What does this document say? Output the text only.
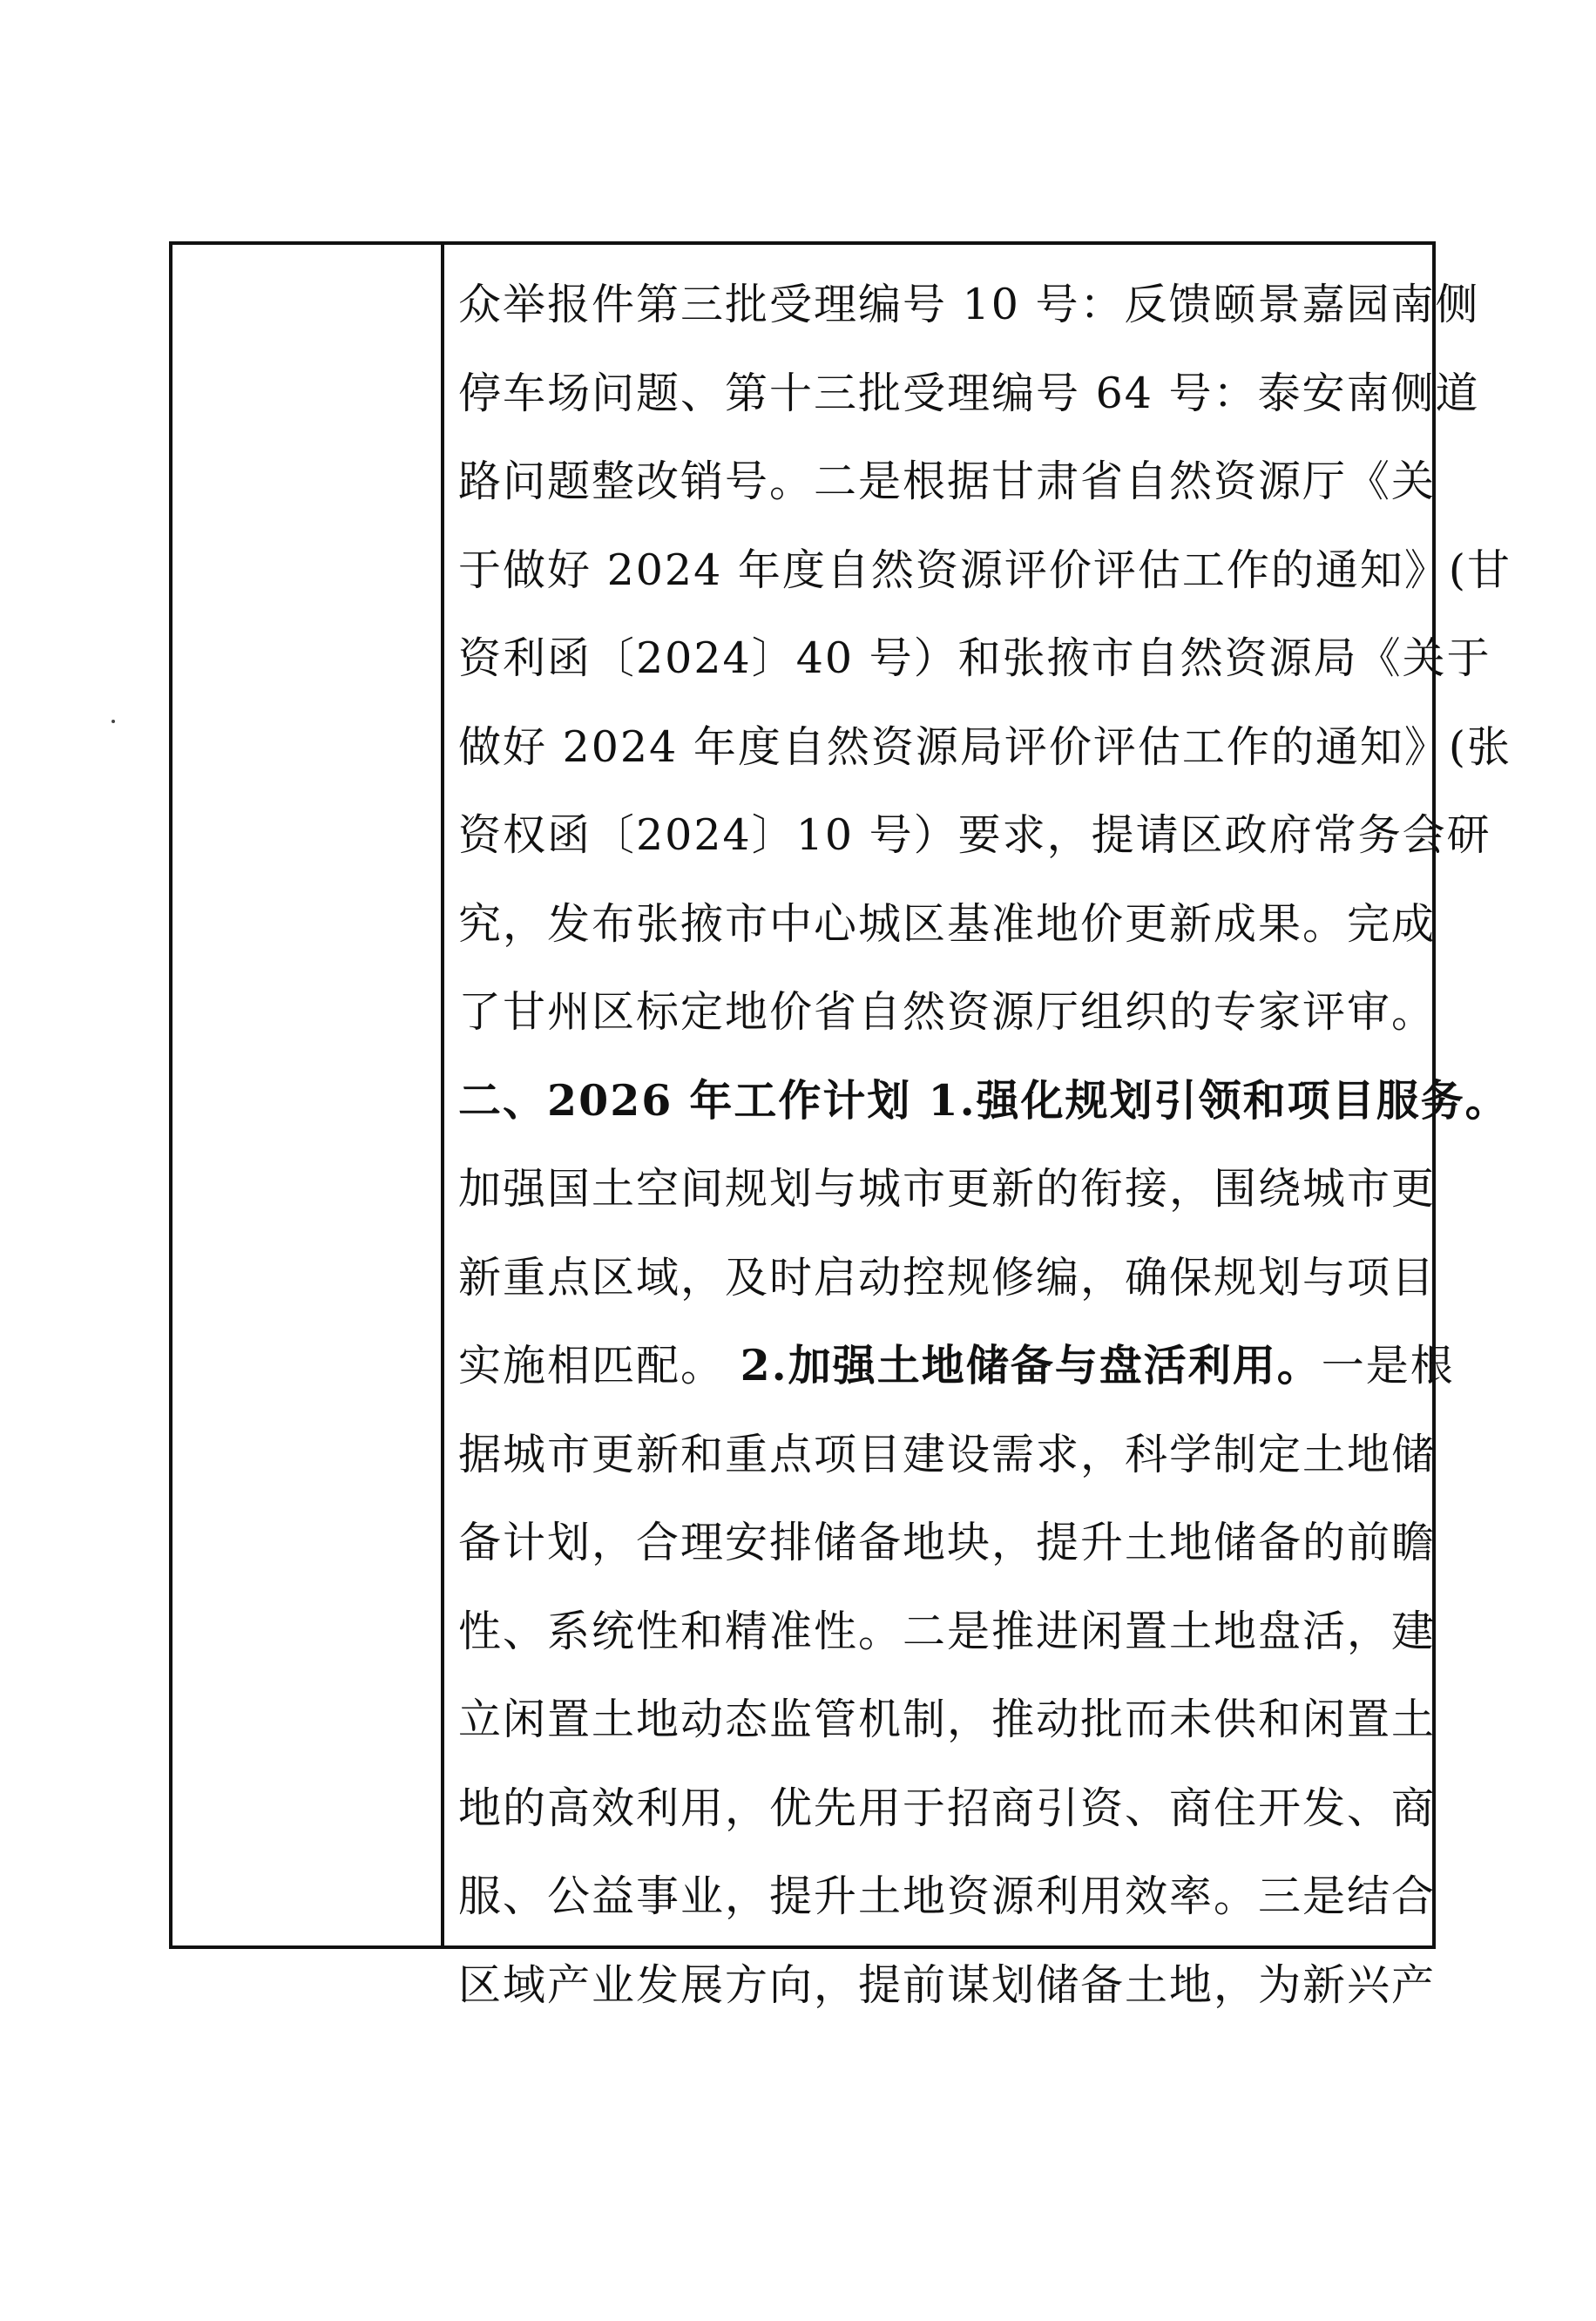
众举报件第三批受理编号 10 号：反馈颐景嘉园南侧
停车场问题、第十三批受理编号 64 号：泰安南侧道
路问题整改销号。二是根据甘肃省自然资源厅《关
于做好 2024 年度自然资源评价评估工作的通知》(甘
资利函〔2024〕40 号）和张掖市自然资源局《关于
做好 2024 年度自然资源局评价评估工作的通知》(张
资权函〔2024〕10 号）要求，提请区政府常务会研
究，发布张掖市中心城区基准地价更新成果。完成
了甘州区标定地价省自然资源厅组织的专家评审。
二、2026 年工作计划 1.强化规划引领和项目服务。
加强国土空间规划与城市更新的衔接，围绕城市更
新重点区域，及时启动控规修编，确保规划与项目
实施相匹配。 2.加强土地储备与盘活利用。一是根
据城市更新和重点项目建设需求，科学制定土地储
备计划，合理安排储备地块，提升土地储备的前瞻
性、系统性和精准性。二是推进闲置土地盘活，建
立闲置土地动态监管机制，推动批而未供和闲置土
地的高效利用，优先用于招商引资、商住开发、商
服、公益事业，提升土地资源利用效率。三是结合
区域产业发展方向，提前谋划储备土地，为新兴产
